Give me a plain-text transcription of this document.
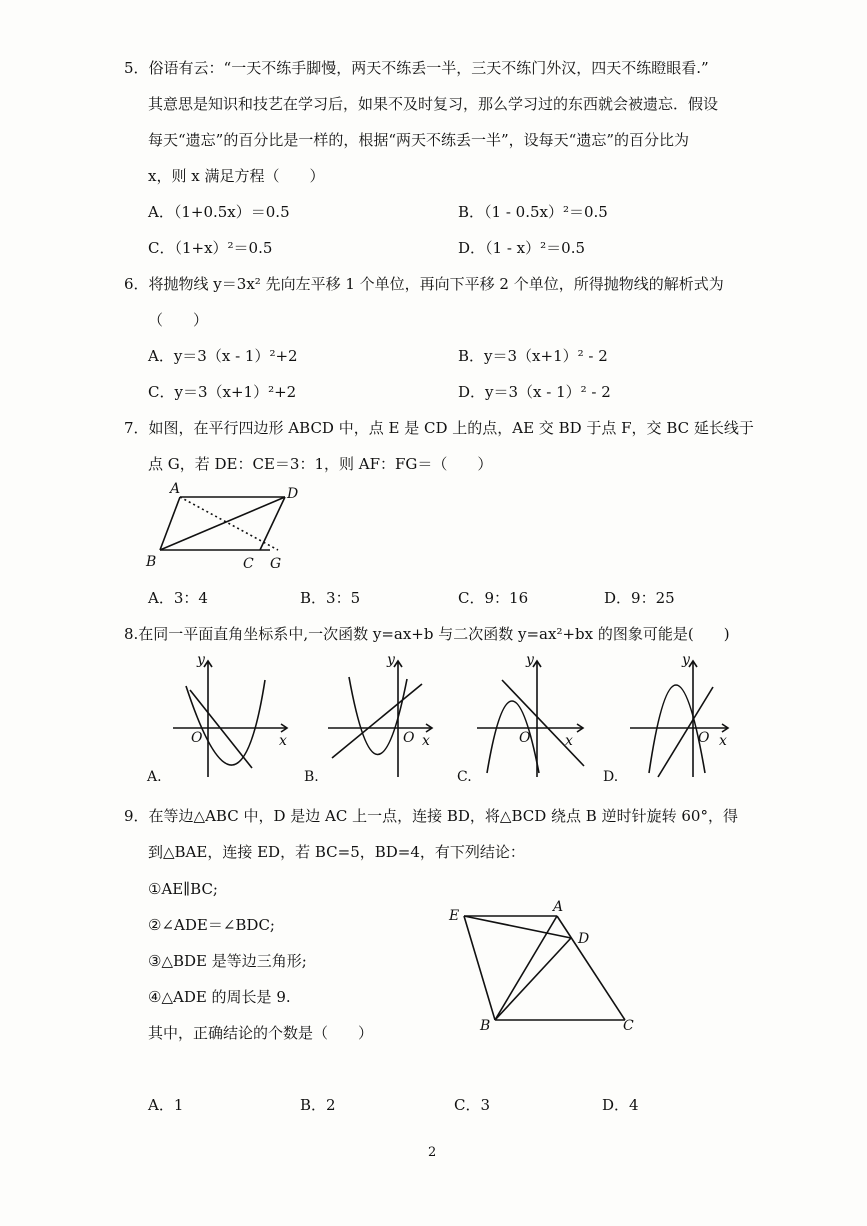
5．俗语有云：“一天不练手脚慢，两天不练丢一半，三天不练门外汉，四天不练瞪眼看.”
其意思是知识和技艺在学习后，如果不及时复习，那么学习过的东西就会被遗忘．假设
每天“遗忘”的百分比是一样的，根据“两天不练丢一半”，设每天“遗忘”的百分比为
x，则 x 满足方程（　　）
A．（1+0.5x）＝0.5	B．（1 - 0.5x）²＝0.5
C．（1+x）²＝0.5	D．（1 - x）²＝0.5
6．将抛物线 y＝3x² 先向左平移 1 个单位，再向下平移 2 个单位，所得抛物线的解析式为
（　　）
A．y＝3（x - 1）²+2	B．y＝3（x+1）² - 2
C．y＝3（x+1）²+2	D．y＝3（x - 1）² - 2
7．如图，在平行四边形 ABCD 中，点 E 是 CD 上的点，AE 交 BD 于点 F，交 BC 延长线于
点 G，若 DE：CE＝3：1，则 AF：FG＝（　　）
A	D
B	C G
A．3：4	B．3：5	C．9：16	D．9：25
8.在同一平面直角坐标系中,一次函数 y=ax+b 与二次函数 y=ax²+bx 的图象可能是(　　)
y
x
O
A.
y
x
O
B.
y
x
O
C.
y
x
O
D.
9．在等边△ABC 中，D 是边 AC 上一点，连接 BD，将△BCD 绕点 B 逆时针旋转 60°，得
到△BAE，连接 ED，若 BC=5，BD=4，有下列结论：
①AE∥BC;
②∠ADE＝∠BDC;
③△BDE 是等边三角形;
④△ADE 的周长是 9.
其中，正确结论的个数是（　　）
E
A
D
B	C
A．1	B．2	C．3	D．4
2
